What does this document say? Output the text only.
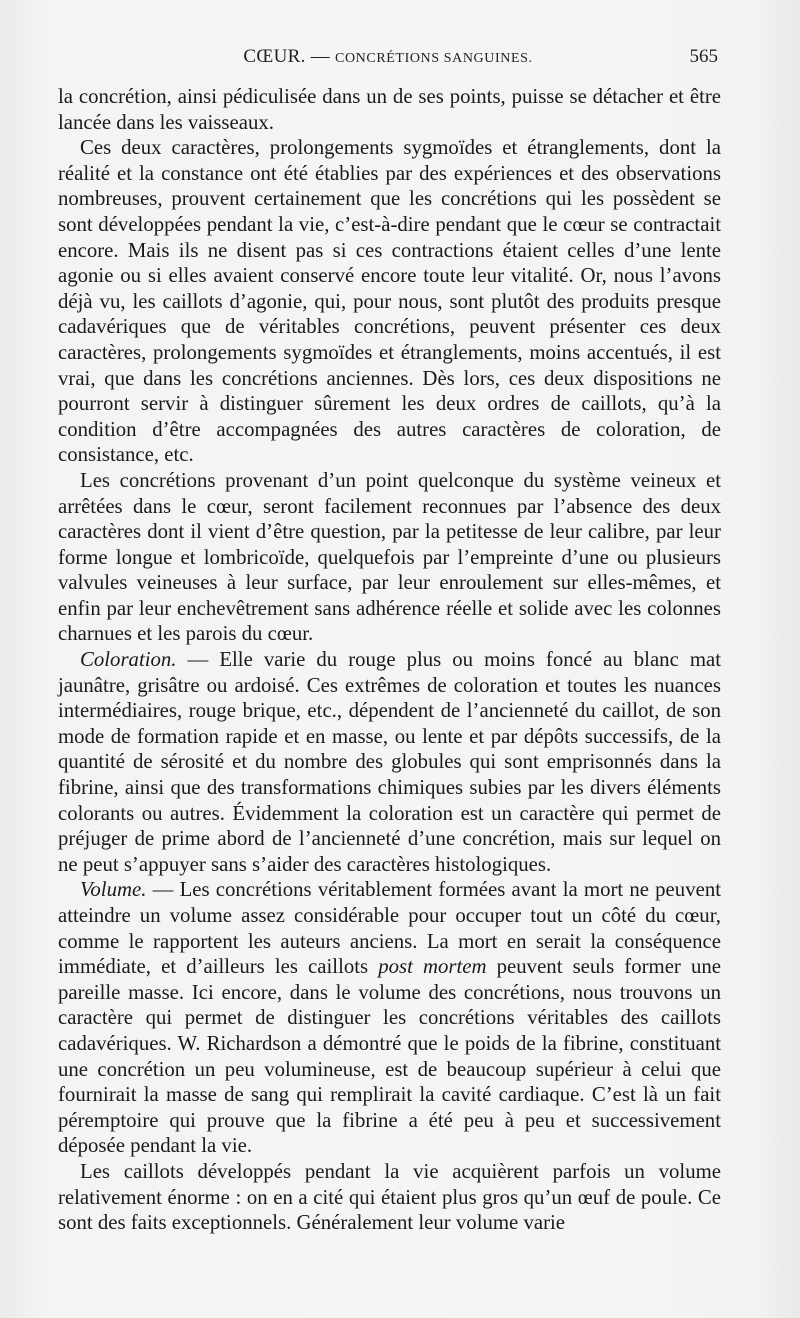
CŒUR. — CONCRÉTIONS SANGUINES.	565

la concrétion, ainsi pédiculisée dans un de ses points, puisse se détacher et être lancée dans les vaisseaux.

Ces deux caractères, prolongements sygmoïdes et étranglements, dont la réalité et la constance ont été établies par des expériences et des observations nombreuses, prouvent certainement que les concrétions qui les possèdent se sont développées pendant la vie, c’est-à-dire pendant que le cœur se contractait encore. Mais ils ne disent pas si ces contractions étaient celles d’une lente agonie ou si elles avaient conservé encore toute leur vitalité. Or, nous l’avons déjà vu, les caillots d’agonie, qui, pour nous, sont plutôt des produits presque cadavériques que de véritables concrétions, peuvent présenter ces deux caractères, prolongements sygmoïdes et étranglements, moins accentués, il est vrai, que dans les concrétions anciennes. Dès lors, ces deux dispositions ne pourront servir à distinguer sûrement les deux ordres de caillots, qu’à la condition d’être accompagnées des autres caractères de coloration, de consistance, etc.

Les concrétions provenant d’un point quelconque du système veineux et arrêtées dans le cœur, seront facilement reconnues par l’absence des deux caractères dont il vient d’être question, par la petitesse de leur calibre, par leur forme longue et lombricoïde, quelquefois par l’empreinte d’une ou plusieurs valvules veineuses à leur surface, par leur enroulement sur elles-mêmes, et enfin par leur enchevêtrement sans adhérence réelle et solide avec les colonnes charnues et les parois du cœur.

Coloration. — Elle varie du rouge plus ou moins foncé au blanc mat jaunâtre, grisâtre ou ardoisé. Ces extrêmes de coloration et toutes les nuances intermédiaires, rouge brique, etc., dépendent de l’ancienneté du caillot, de son mode de formation rapide et en masse, ou lente et par dépôts successifs, de la quantité de sérosité et du nombre des globules qui sont emprisonnés dans la fibrine, ainsi que des transformations chimiques subies par les divers éléments colorants ou autres. Évidemment la coloration est un caractère qui permet de préjuger de prime abord de l’ancienneté d’une concrétion, mais sur lequel on ne peut s’appuyer sans s’aider des caractères histologiques.

Volume. — Les concrétions véritablement formées avant la mort ne peuvent atteindre un volume assez considérable pour occuper tout un côté du cœur, comme le rapportent les auteurs anciens. La mort en serait la conséquence immédiate, et d’ailleurs les caillots post mortem peuvent seuls former une pareille masse. Ici encore, dans le volume des concrétions, nous trouvons un caractère qui permet de distinguer les concrétions véritables des caillots cadavériques. W. Richardson a démontré que le poids de la fibrine, constituant une concrétion un peu volumineuse, est de beaucoup supérieur à celui que fournirait la masse de sang qui remplirait la cavité cardiaque. C’est là un fait péremptoire qui prouve que la fibrine a été peu à peu et successivement déposée pendant la vie.

Les caillots développés pendant la vie acquièrent parfois un volume relativement énorme : on en a cité qui étaient plus gros qu’un œuf de poule. Ce sont des faits exceptionnels. Généralement leur volume varie
